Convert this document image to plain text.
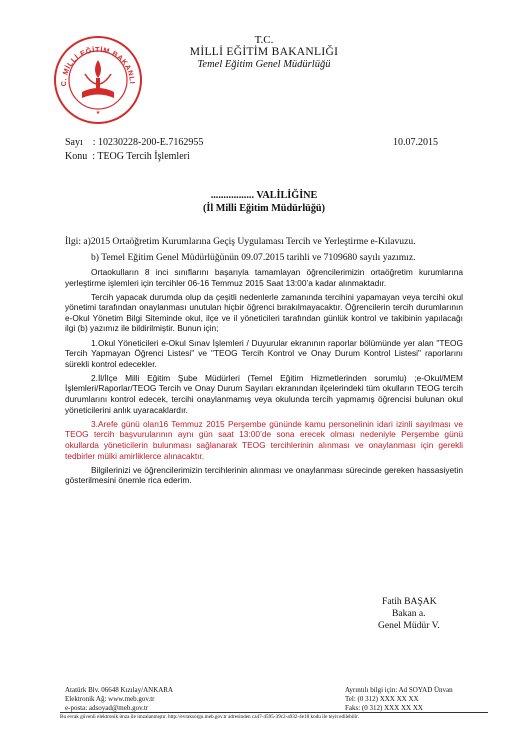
C. MİLLİ EĞİTİM BAKANLI
★
T.C.
MİLLİ EĞİTİM BAKANLIĞI
Temel Eğitim Genel Müdürlüğü
Sayı : 10230228-200-E.7162955	10.07.2015
Konu : TEOG Tercih İşlemleri
................. VALİLİĞİNE
(İl Milli Eğitim Müdürlüğü)
İlgi: a)2015 Ortaöğretim Kurumlarına Geçiş Uygulaması Tercih ve Yerleştirme e-Kılavuzu.
b) Temel Eğitim Genel Müdürlüğünün 09.07.2015 tarihli ve 7109680 sayılı yazımız.

Ortaokulların 8 inci sınıflarını başarıyla tamamlayan öğrencilerimizin ortaöğretim kurumlarına yerleştirme işlemleri için tercihler 06-16 Temmuz 2015 Saat 13:00’a kadar alınmaktadır.

Tercih yapacak durumda olup da çeşitli nedenlerle zamanında tercihini yapamayan veya tercihi okul yönetimi tarafından onaylanması unutulan hiçbir öğrenci bırakılmayacaktır. Öğrencilerin tercih durumlarının e-Okul Yönetim Bilgi Siteminde okul, ilçe ve il yöneticileri tarafından günlük kontrol ve takibinin yapılacağı ilgi (b) yazımız ile bildirilmiştir. Bunun için;

1.Okul Yöneticileri e-Okul Sınav İşlemleri / Duyurular ekranının raporlar bölümünde yer alan "TEOG Tercih Yapmayan Öğrenci Listesi" ve "TEOG Tercih Kontrol ve Onay Durum Kontrol Listesi" raporlarını sürekli kontrol edecekler.

2.İl/İlçe Milli Eğitim Şube Müdürleri (Temel Eğitim Hizmetlerinden sorumlu) ;e-Okul/MEM İşlemleri/Raporlar/TEOG Tercih ve Onay Durum Sayıları ekranından ilçelerindeki tüm okulların TEOG tercih durumlarını kontrol edecek, tercihi onaylanmamış veya okulunda tercih yapmamış öğrencisi bulunan okul yöneticilerini anlık uyaracaklardır.

3.Arefe günü olan16 Temmuz 2015 Perşembe gününde kamu personelinin idari izinli sayılması ve TEOG tercih başvurularının aynı gün saat 13:00’de sona erecek olması nedeniyle Perşembe günü okullarda yöneticilerin bulunması sağlanarak TEOG tercihlerinin alınması ve onaylanması için gerekli tedbirler mülki amirliklerce alınacaktır.

Bilgilerinizi ve öğrencilerimizin tercihlerinin alınması ve onaylanması sürecinde gereken hassasiyetin gösterilmesini önemle rica ederim.

Fatih BAŞAK
Bakan a.
Genel Müdür V.
Atatürk Blv. 06648 Kızılay/ANKARA
Elektronik Ağ: www.meb.gov.tr
e-posta: adsoyad@meb.gov.tr
Ayrıntılı bilgi için: Ad SOYAD Ünvan
Tel: (0 312) XXX XX XX
Faks: (0 312) XXX XX XX
Bu evrak güvenli elektronik imza ile imzalanmıştır. http://evraksorgu.meb.gov.tr adresinden ca47-4595-39c2-a932-4e18 kodu ile teyit edilebilir.
